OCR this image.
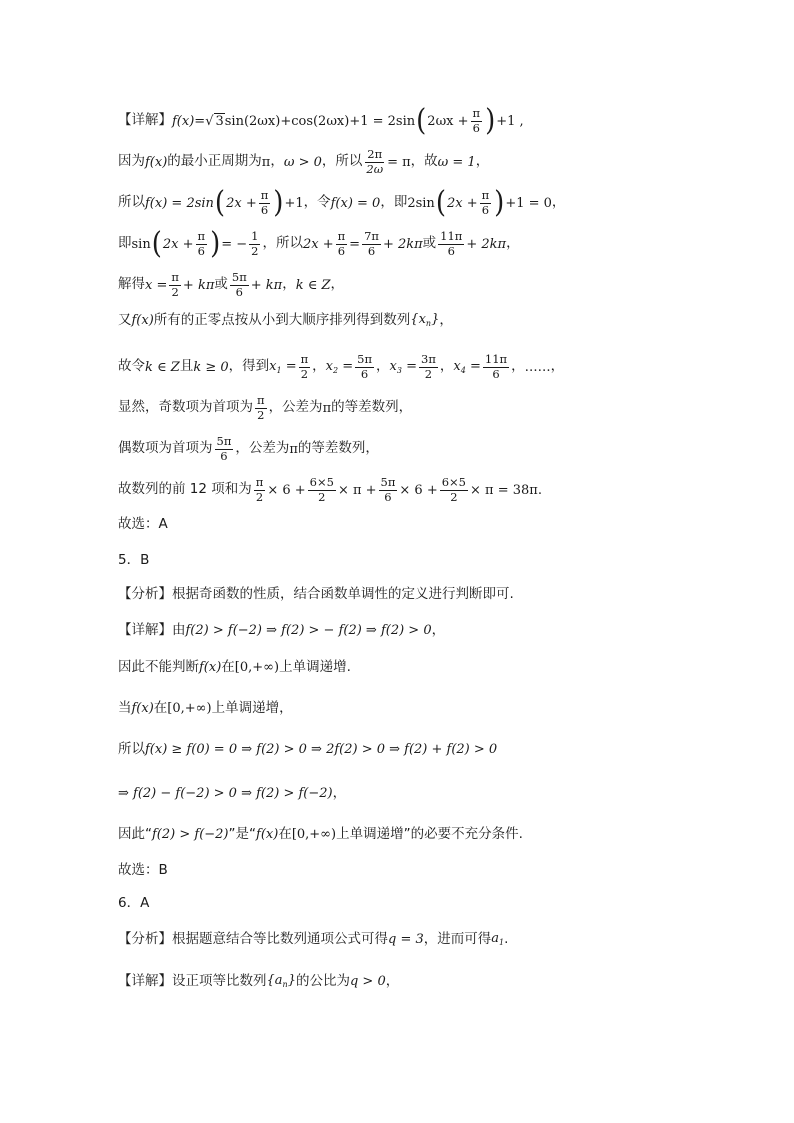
【详解】 f(x)= √ 3 sin(2ωx)+cos(2ωx)+1 = 2sin ( $2\omega x + \frac{\pi}{6}$ ) +1 ,
因为 f(x) 的最小正周期为 π ， ω > 0 ，所以 $\frac{2\pi}{2\omega} = \pi$ ，故 ω = 1 ，
所以 f(x) = 2sin ( $2x + \frac{\pi}{6}$ ) +1 ，令 f(x) = 0 ，即 2sin ( $2x + \frac{\pi}{6}$ ) +1 = 0 ，
即 sin ( $2x + \frac{\pi}{6}$ ) = − $\frac{1}{2}$ ，所以 $2x + \frac{\pi}{6} = \frac{7\pi}{6} + 2k\pi$ 或 $\frac{11\pi}{6} + 2k\pi$ ，
解得 $x = \frac{\pi}{2} + k\pi$ 或 $\frac{5\pi}{6} + k\pi$ ， k ∈ Z ，
又 f(x) 所有的正零点按从小到大顺序排列得到数列 $\{x_n\}$ ，
故令 k ∈ Z 且 k ≥ 0 ，得到 $x_1 = \frac{\pi}{2}$ ， $x_2 = \frac{5\pi}{6}$ ， $x_3 = \frac{3\pi}{2}$ ， $x_4 = \frac{11\pi}{6}$ ， …… ，
显然，奇数项为首项为 $\frac{\pi}{2}$ ，公差为 π 的等差数列，
偶数项为首项为 $\frac{5\pi}{6}$ ，公差为 π 的等差数列，
故数列的前 12 项和为 $\frac{\pi}{2} \times 6 + \frac{6\times 5}{2} \times \pi + \frac{5\pi}{6} \times 6 + \frac{6\times 5}{2} \times \pi = 38\pi$ .
故选：A
5．B
【分析】 根据奇函数的性质，结合函数单调性的定义进行判断即可.
【详解】 由 f(2) > f(−2) ⇒ f(2) > − f(2) ⇒ f(2) > 0 ，
因此不能判断 f(x) 在 [0,+∞) 上单调递增.
当 f(x) 在 [0,+∞) 上单调递增，
所以 f(x) ≥ f(0) = 0 ⇒ f(2) > 0 ⇒ 2f(2) > 0 ⇒ f(2) + f(2) > 0
⇒ f(2) − f(−2) > 0 ⇒ f(2) > f(−2) ，
因此“ f(2) > f(−2) ”是“ f(x) 在 [0,+∞) 上单调递增”的必要不充分条件.
故选：B
6．A
【分析】 根据题意结合等比数列通项公式可得 q = 3 ，进而可得 $a_1$ .
【详解】 设正项等比数列 $\{a_n\}$ 的公比为 q > 0 ，
